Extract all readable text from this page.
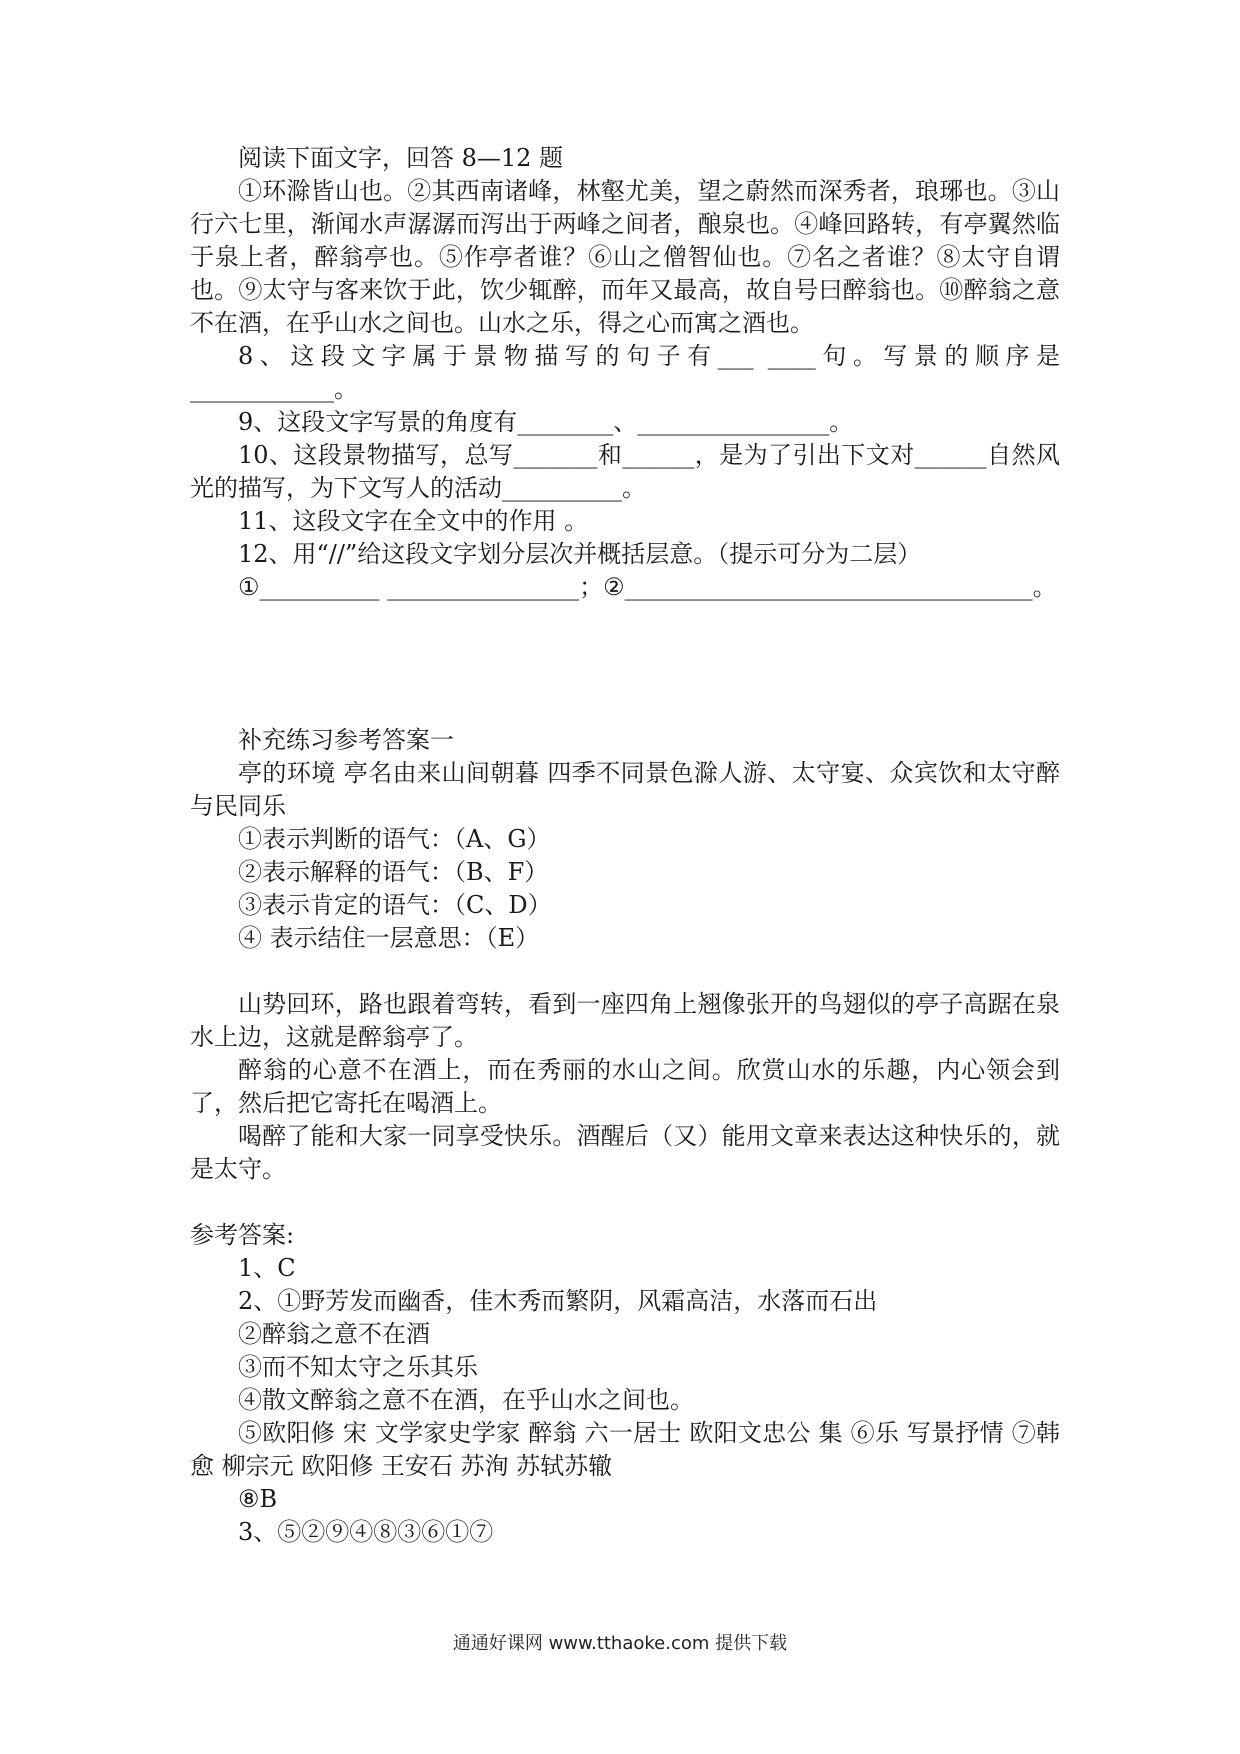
阅读下面文字，回答 8—12 题

①环滁皆山也。②其西南诸峰，林壑尤美，望之蔚然而深秀者，琅琊也。③山行六七里，渐闻水声潺潺而泻出于两峰之间者，酿泉也。④峰回路转，有亭翼然临于泉上者，醉翁亭也。⑤作亭者谁？⑥山之僧智仙也。⑦名之者谁？⑧太守自谓也。⑨太守与客来饮于此，饮少辄醉，而年又最高，故自号曰醉翁也。⑩醉翁之意不在酒，在乎山水之间也。山水之乐，得之心而寓之酒也。

8、这段文字属于景物描写的句子有___ ____句。写景的顺序是____________。

9、这段文字写景的角度有________、________________。

10、这段景物描写，总写_______和______，是为了引出下文对______自然风光的描写，为下文写人的活动__________。

11、这段文字在全文中的作用 。

12、用“//”给这段文字划分层次并概括层意。（提示可分为二层）

①__________ ________________；②__________________________________。

补充练习参考答案一

亭的环境 亭名由来山间朝暮 四季不同景色滁人游、太守宴、众宾饮和太守醉 与民同乐

①表示判断的语气：（A、G）

②表示解释的语气：（B、F）

③表示肯定的语气：（C、D）

④ 表示结住一层意思：（E）

山势回环，路也跟着弯转，看到一座四角上翘像张开的鸟翅似的亭子高踞在泉水上边，这就是醉翁亭了。

醉翁的心意不在酒上，而在秀丽的水山之间。欣赏山水的乐趣，内心领会到了，然后把它寄托在喝酒上。

喝醉了能和大家一同享受快乐。酒醒后（又）能用文章来表达这种快乐的，就是太守。

参考答案:

1、C

2、①野芳发而幽香，佳木秀而繁阴，风霜高洁，水落而石出

②醉翁之意不在酒

③而不知太守之乐其乐

④散文醉翁之意不在酒，在乎山水之间也。

⑤欧阳修 宋 文学家史学家 醉翁 六一居士 欧阳文忠公 集 ⑥乐 写景抒情 ⑦韩愈 柳宗元 欧阳修 王安石 苏洵 苏轼苏辙

⑧B

3、⑤②⑨④⑧③⑥①⑦

通通好课网 www.tthaoke.com 提供下载
